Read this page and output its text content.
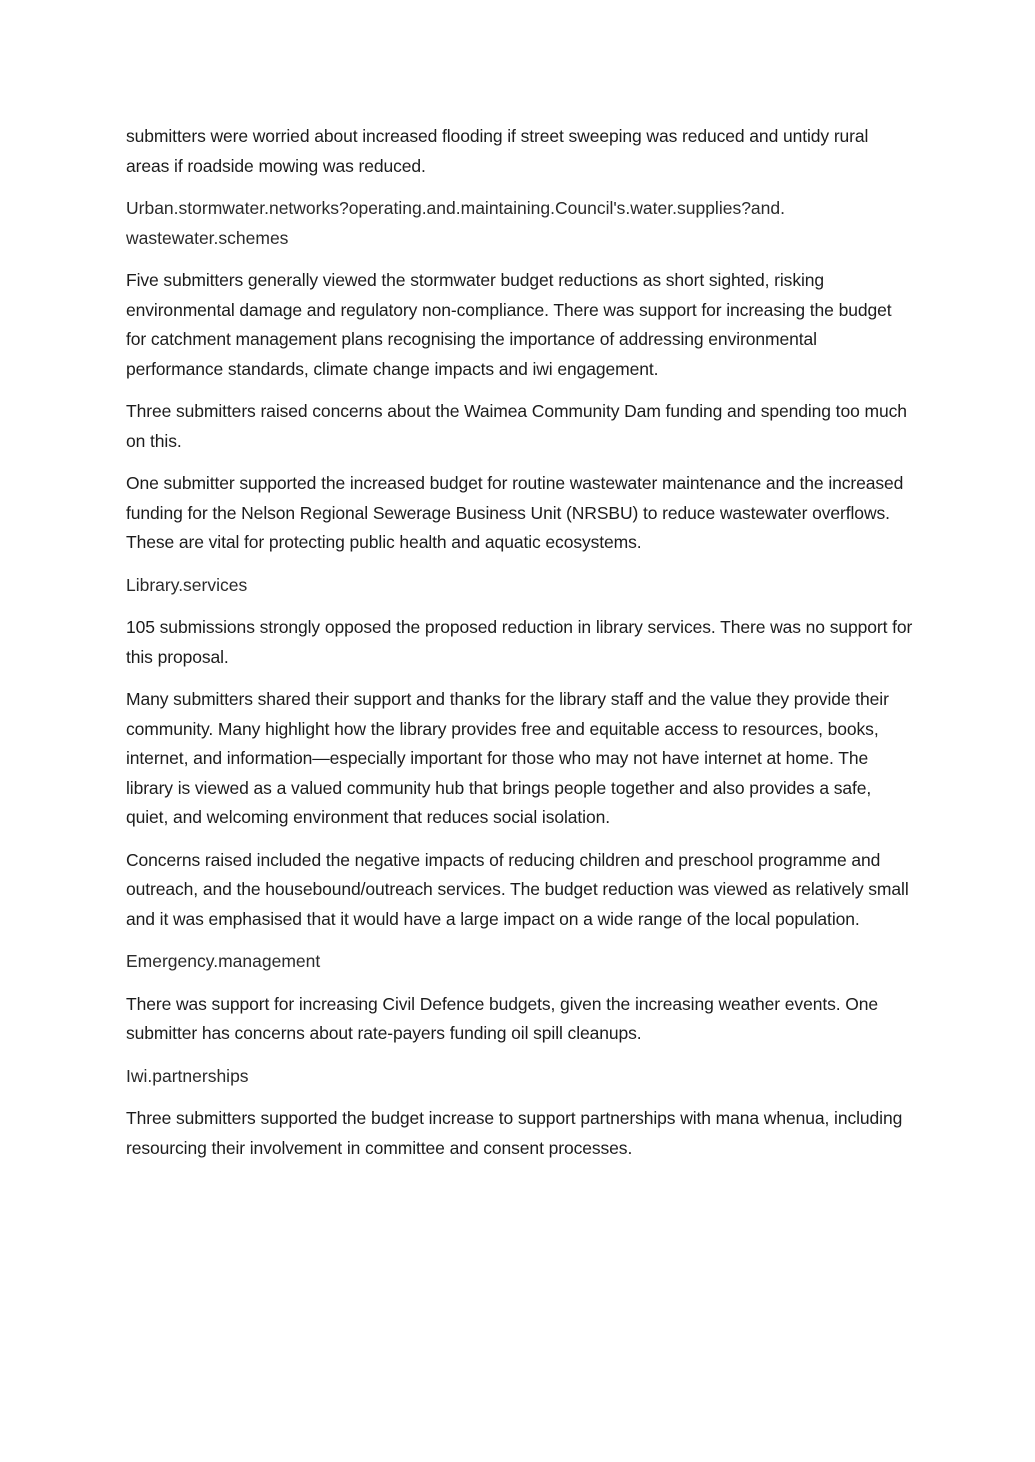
submitters were worried about increased flooding if street sweeping was reduced and untidy rural areas if roadside mowing was reduced.

Urban.stormwater.networks?operating.and.maintaining.Council's.water.supplies?and. wastewater.schemes

Five submitters generally viewed the stormwater budget reductions as short sighted, risking environmental damage and regulatory non-compliance. There was support for increasing the budget for catchment management plans recognising the importance of addressing environmental performance standards, climate change impacts and iwi engagement.

Three submitters raised concerns about the Waimea Community Dam funding and spending too much on this.

One submitter supported the increased budget for routine wastewater maintenance and the increased funding for the Nelson Regional Sewerage Business Unit (NRSBU) to reduce wastewater overflows. These are vital for protecting public health and aquatic ecosystems.

Library.services

105 submissions strongly opposed the proposed reduction in library services. There was no support for this proposal.

Many submitters shared their support and thanks for the library staff and the value they provide their community. Many highlight how the library provides free and equitable access to resources, books, internet, and information—especially important for those who may not have internet at home. The library is viewed as a valued community hub that brings people together and also provides a safe, quiet, and welcoming environment that reduces social isolation.

Concerns raised included the negative impacts of reducing children and preschool programme and outreach, and the housebound/outreach services. The budget reduction was viewed as relatively small and it was emphasised that it would have a large impact on a wide range of the local population.

Emergency.management

There was support for increasing Civil Defence budgets, given the increasing weather events. One submitter has concerns about rate-payers funding oil spill cleanups.

Iwi.partnerships

Three submitters supported the budget increase to support partnerships with mana whenua, including resourcing their involvement in committee and consent processes.
